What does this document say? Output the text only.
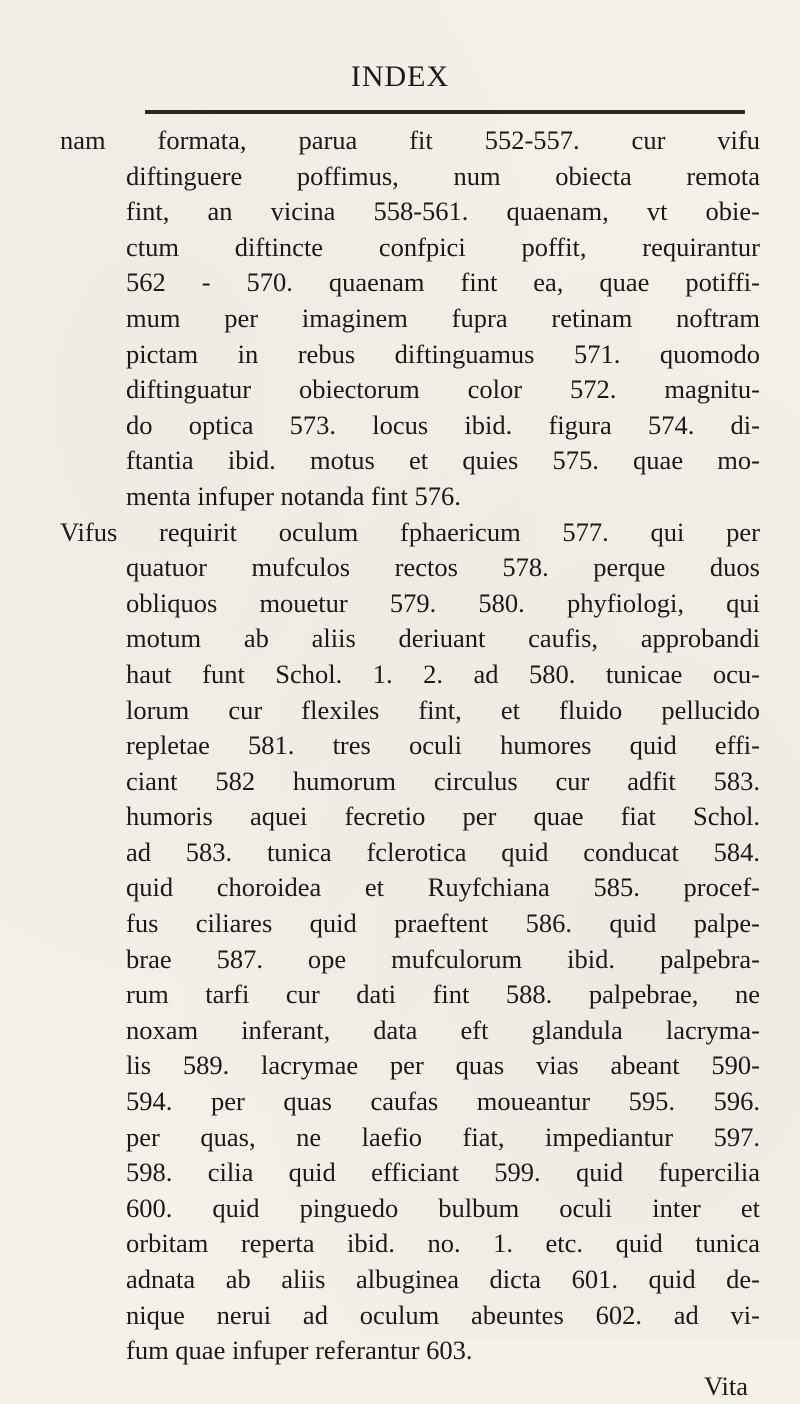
INDEX
nam formata, parua fit 552-557. cur vifu
diftinguere poffimus, num obiecta remota
fint, an vicina 558-561. quaenam, vt obie-
ctum diftincte confpici poffit, requirantur
562 - 570. quaenam fint ea, quae potiffi-
mum per imaginem fupra retinam noftram
pictam in rebus diftinguamus 571. quomodo
diftinguatur obiectorum color 572. magnitu-
do optica 573. locus ibid. figura 574. di-
ftantia ibid. motus et quies 575. quae mo-
menta infuper notanda fint 576.
Vifus requirit oculum fphaericum 577. qui per
quatuor mufculos rectos 578. perque duos
obliquos mouetur 579. 580. phyfiologi, qui
motum ab aliis deriuant caufis, approbandi
haut funt Schol. 1. 2. ad 580. tunicae ocu-
lorum cur flexiles fint, et fluido pellucido
repletae 581. tres oculi humores quid effi-
ciant 582 humorum circulus cur adfit 583.
humoris aquei fecretio per quae fiat Schol.
ad 583. tunica fclerotica quid conducat 584.
quid choroidea et Ruyfchiana 585. procef-
fus ciliares quid praeftent 586. quid palpe-
brae 587. ope mufculorum ibid. palpebra-
rum tarfi cur dati fint 588. palpebrae, ne
noxam inferant, data eft glandula lacryma-
lis 589. lacrymae per quas vias abeant 590-
594. per quas caufas moueantur 595. 596.
per quas, ne laefio fiat, impediantur 597.
598. cilia quid efficiant 599. quid fupercilia
600. quid pinguedo bulbum oculi inter et
orbitam reperta ibid. no. 1. etc. quid tunica
adnata ab aliis albuginea dicta 601. quid de-
nique nerui ad oculum abeuntes 602. ad vi-
fum quae infuper referantur 603.
Vita
